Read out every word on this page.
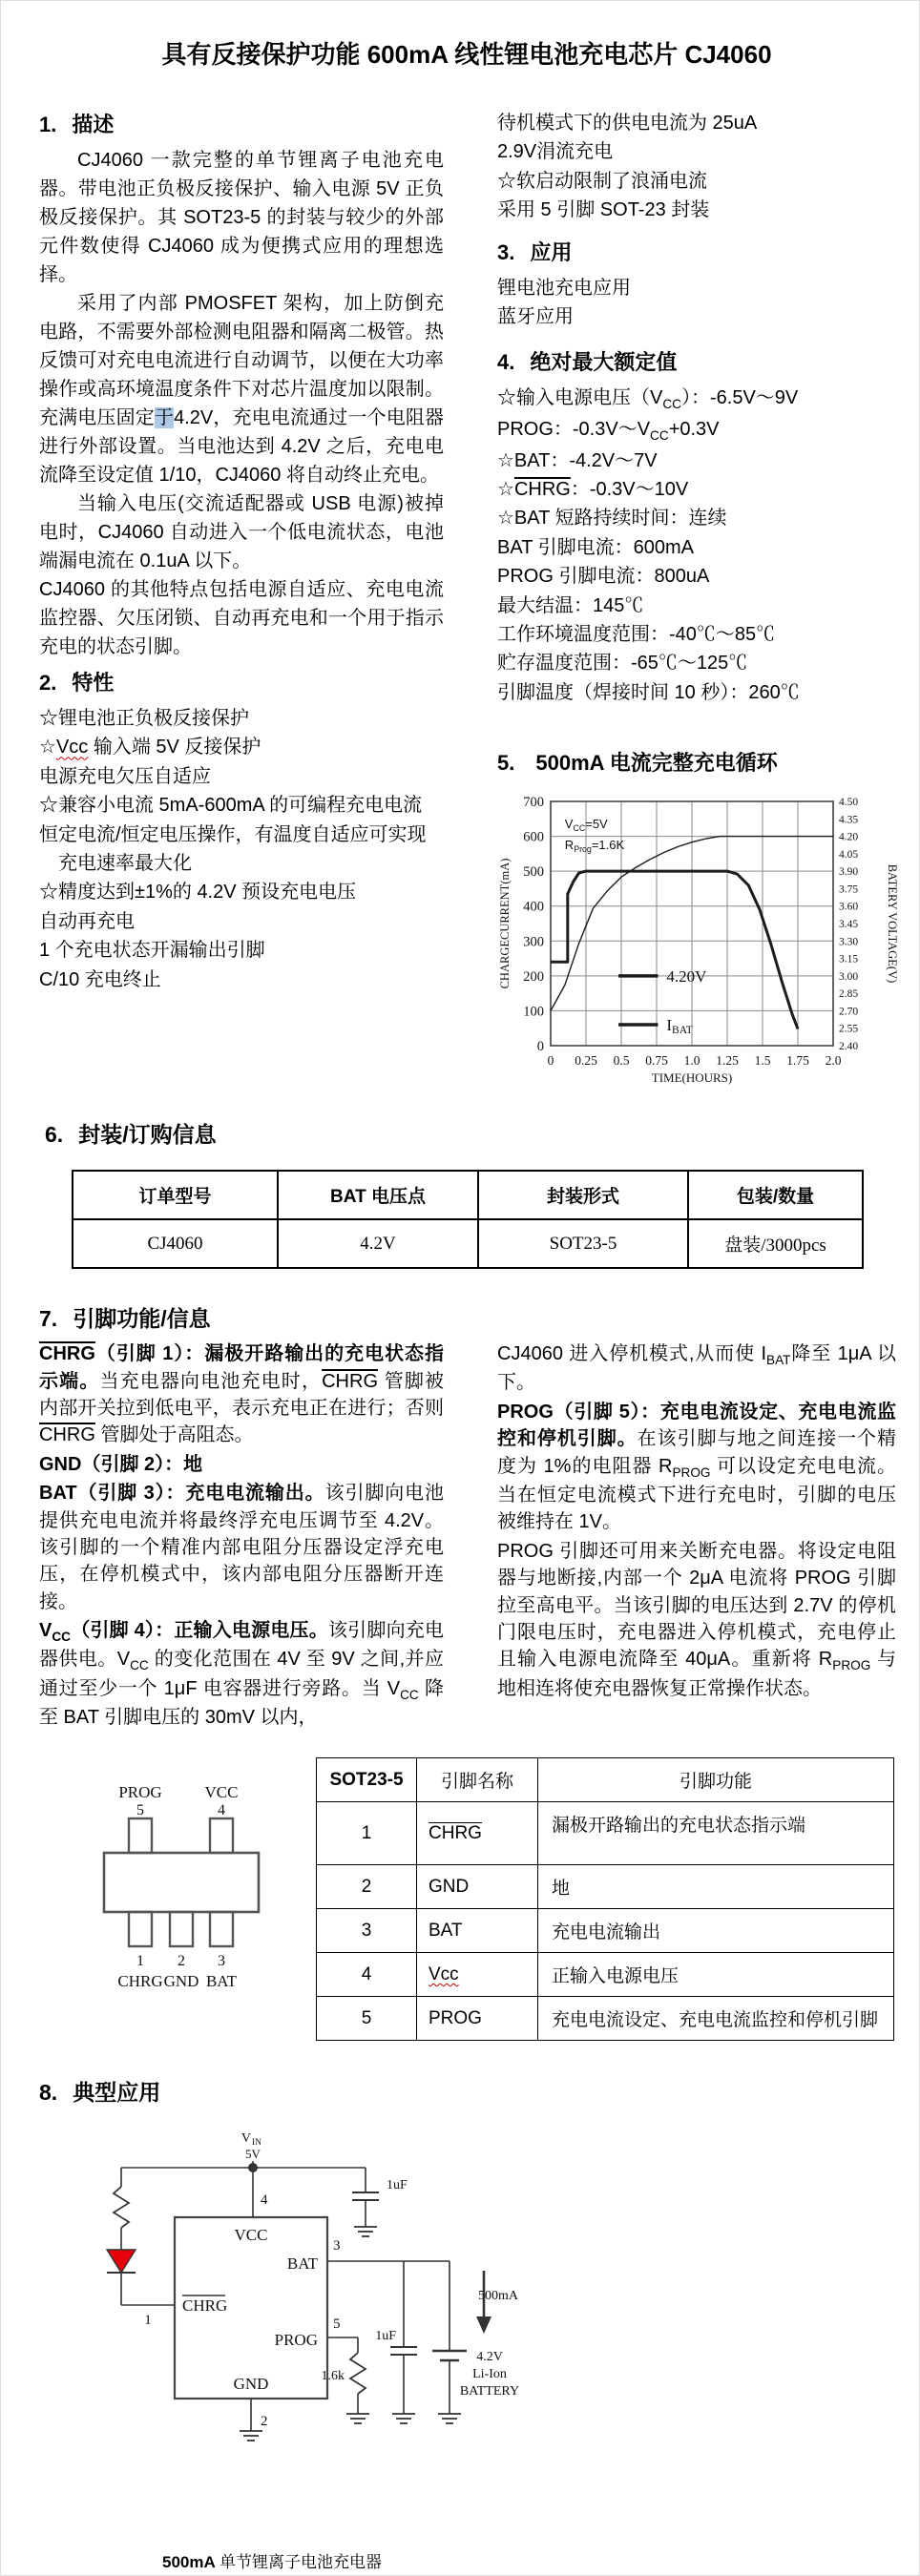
具有反接保护功能 600mA 线性锂电池充电芯片 CJ4060
1. 描述

CJ4060 一款完整的单节锂离子电池充电器。带电池正负极反接保护、输入电源 5V 正负极反接保护。其 SOT23-5 的封装与较少的外部元件数使得 CJ4060 成为便携式应用的理想选择。

采用了内部 PMOSFET 架构，加上防倒充电路，不需要外部检测电阻器和隔离二极管。热反馈可对充电电流进行自动调节，以便在大功率操作或高环境温度条件下对芯片温度加以限制。充满电压固定于4.2V，充电电流通过一个电阻器进行外部设置。当电池达到 4.2V 之后，充电电流降至设定值 1/10，CJ4060 将自动终止充电。

当输入电压(交流适配器或 USB 电源)被掉电时，CJ4060 自动进入一个低电流状态，电池端漏电流在 0.1uA 以下。

CJ4060 的其他特点包括电源自适应、充电电流监控器、欠压闭锁、自动再充电和一个用于指示充电的状态引脚。

2. 特性
☆锂电池正负极反接保护
☆Vcc 输入端 5V 反接保护
电源充电欠压自适应
☆兼容小电流 5mA-600mA 的可编程充电电流
恒定电流/恒定电压操作，有温度自适应可实现充电速率最大化
☆精度达到±1%的 4.2V 预设充电电压
自动再充电
1 个充电状态开漏输出引脚
C/10 充电终止
待机模式下的供电电流为 25uA
2.9V涓流充电
☆软启动限制了浪涌电流
采用 5 引脚 SOT-23 封装
3. 应用
锂电池充电应用
蓝牙应用
4. 绝对最大额定值
☆输入电源电压$(V_{CC})$：-6.5V～9V
PROG：$-0.3V\sim V_{CC}+0.3V$
☆BAT：-4.2V～7V
☆CHRG：-0.3V～10V
☆BAT 短路持续时间：连续
BAT 引脚电流：600mA
PROG 引脚电流：800uA
最大结温：145℃
工作环境温度范围：-40℃～85℃
贮存温度范围：-65℃～125℃
引脚温度（焊接时间 10 秒）：260℃
5. 500mA 电流完整充电循环
0 0.25 0.5 0.75 1.0 1.25 1.5 1.75 2.0
0
100
200
300
400
500
600
700
2.40
2.55
2.70
2.85
3.00
3.15
3.30
3.45
3.60
3.75
3.90
4.05
4.20
4.35
4.50
TIME(HOURS)
CHARGECURRENT(mA)	BATERY VOLTAGE(V)
$V_{CC}=5V$
$R_{Prog}=1.6K$
4.20V
IBAT
6. 封装/订购信息
订单型号	BAT 电压点	封装形式	包装/数量
CJ4060	4.2V	SOT23-5	盘装/3000pcs
7. 引脚功能/信息

CHRG（引脚 1）：漏极开路输出的充电状态指示端。当充电器向电池充电时，CHRG 管脚被内部开关拉到低电平，表示充电正在进行；否则 CHRG 管脚处于高阻态。

GND（引脚 2）：地

BAT（引脚 3）：充电电流输出。该引脚向电池提供充电电流并将最终浮充电压调节至 4.2V。该引脚的一个精准内部电阻分压器设定浮充电压，在停机模式中，该内部电阻分压器断开连接。

$V_{CC}$（引脚 4）：正输入电源电压。该引脚向充电器供电。$V_{CC}$ 的变化范围在 4V 至 9V 之间,并应通过至少一个 1μF 电容器进行旁路。当 $V_{CC}$ 降至 BAT 引脚电压的 30mV 以内，

CJ4060 进入停机模式,从而使 $I_{BAT}$降至 1μA 以下。

PROG（引脚 5）：充电电流设定、充电电流监控和停机引脚。在该引脚与地之间连接一个精度为 1%的电阻器 $R_{PROG}$ 可以设定充电电流。当在恒定电流模式下进行充电时，引脚的电压被维持在 1V。

PROG 引脚还可用来关断充电器。将设定电阻器与地断接,内部一个 2μA 电流将 PROG 引脚拉至高电平。当该引脚的电压达到 2.7V 的停机门限电压时，充电器进入停机模式，充电停止且输入电源电流降至 40μA。重新将 $R_{PROG}$ 与地相连将使充电器恢复正常操作状态。

PROG
5
VCC
4
1 2 3
CHRG GND BAT
SOT23-5	引脚名称	引脚功能
1	CHRG	漏极开路输出的充电状态指示端
2	GND	地
3	BAT	充电电流输出
4	Vcc	正输入电源电压
5	PROG	充电电流设定、充电电流监控和停机引脚
8. 典型应用
V IN
5V
1uF
1
4
VCC
BAT
CHRG
PROG
GND
3
5
1.6k
2
1uF
4.2V
Li-Ion
BATTERY
500mA
500mA 单节锂离子电池充电器
